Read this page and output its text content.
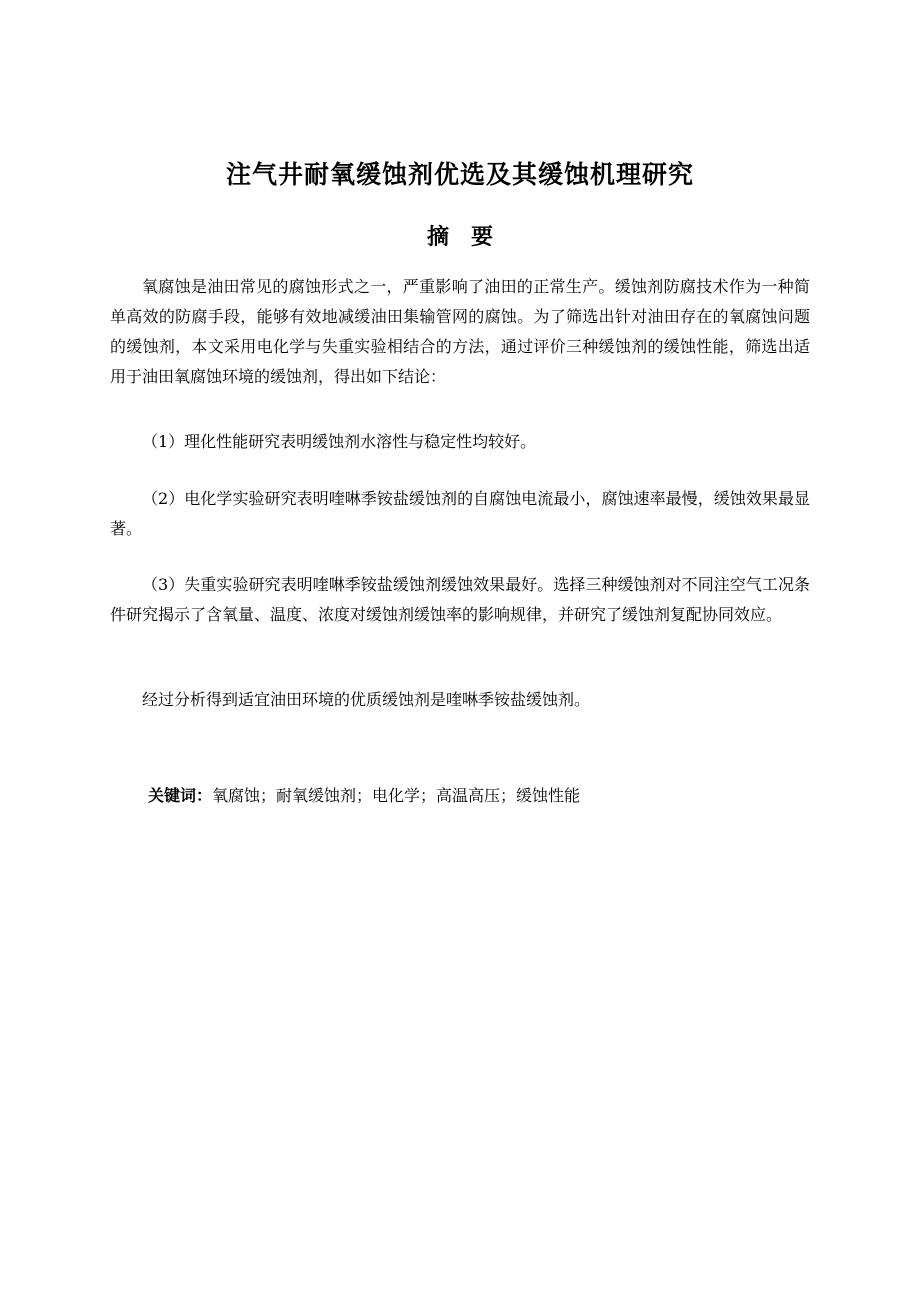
注气井耐氧缓蚀剂优选及其缓蚀机理研究
摘要

氧腐蚀是油田常见的腐蚀形式之一，严重影响了油田的正常生产。缓蚀剂防腐技术作为一种简单高效的防腐手段，能够有效地减缓油田集输管网的腐蚀。为了筛选出针对油田存在的氧腐蚀问题的缓蚀剂，本文采用电化学与失重实验相结合的方法，通过评价三种缓蚀剂的缓蚀性能，筛选出适用于油田氧腐蚀环境的缓蚀剂，得出如下结论：

（1）理化性能研究表明缓蚀剂水溶性与稳定性均较好。

（2）电化学实验研究表明喹啉季铵盐缓蚀剂的自腐蚀电流最小，腐蚀速率最慢，缓蚀效果最显著。

（3）失重实验研究表明喹啉季铵盐缓蚀剂缓蚀效果最好。选择三种缓蚀剂对不同注空气工况条件研究揭示了含氧量、温度、浓度对缓蚀剂缓蚀率的影响规律，并研究了缓蚀剂复配协同效应。

经过分析得到适宜油田环境的优质缓蚀剂是喹啉季铵盐缓蚀剂。

关键词：氧腐蚀；耐氧缓蚀剂；电化学；高温高压；缓蚀性能
